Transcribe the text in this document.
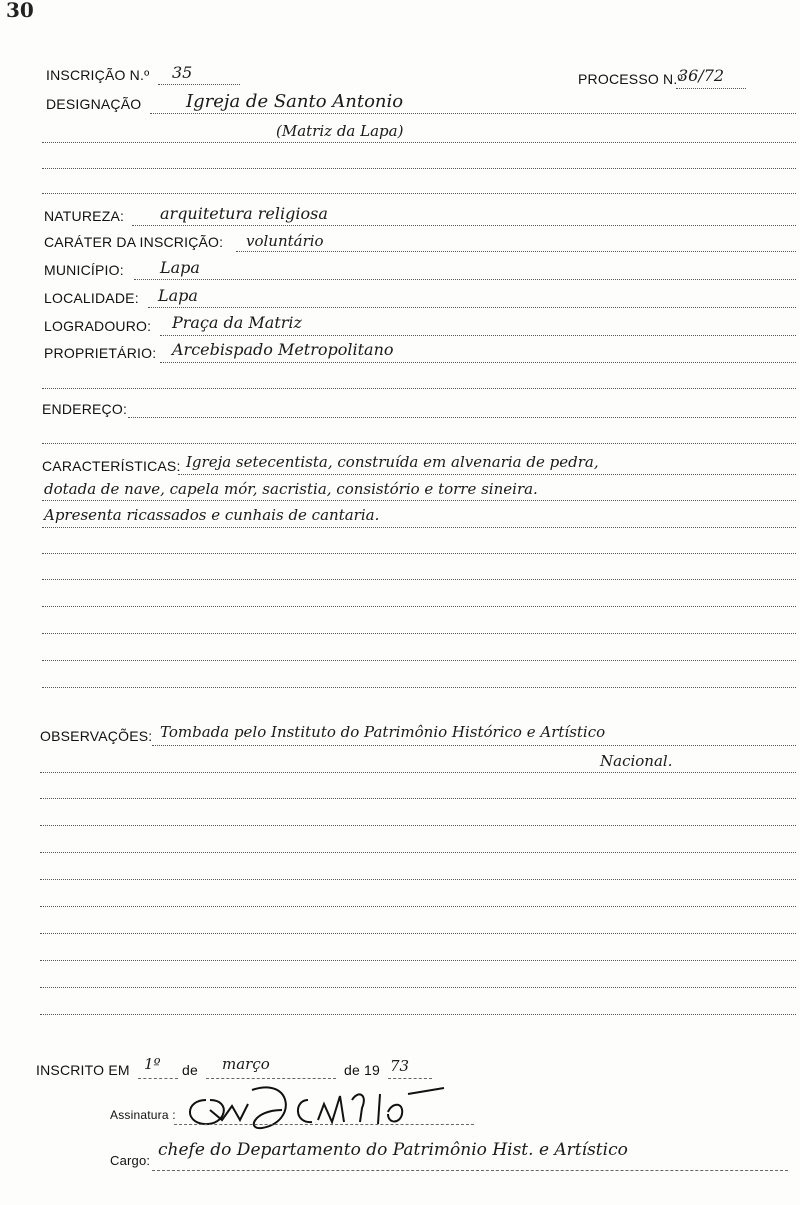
30
INSCRIÇÃO N.º 35	PROCESSO N.º
36/72
DESIGNAÇÃO Igreja de Santo Antonio
(Matriz da Lapa)
NATUREZA: arquitetura religiosa
CARÁTER DA INSCRIÇÃO: voluntário
MUNICÍPIO: Lapa
LOCALIDADE: Lapa
LOGRADOURO: Praça da Matriz
PROPRIETÁRIO: Arcebispado Metropolitano
ENDEREÇO:
CARACTERÍSTICAS: Igreja setecentista, construída em alvenaria de pedra,
dotada de nave, capela mór, sacristia, consistório e torre sineira.
Apresenta ricassados e cunhais de cantaria.
OBSERVAÇÕES: Tombada pelo Instituto do Patrimônio Histórico e Artístico
Nacional.
INSCRITO EM 1º de março	de 19 73
Assinatura :
Cargo:
chefe do Departamento do Patrimônio Hist. e Artístico
